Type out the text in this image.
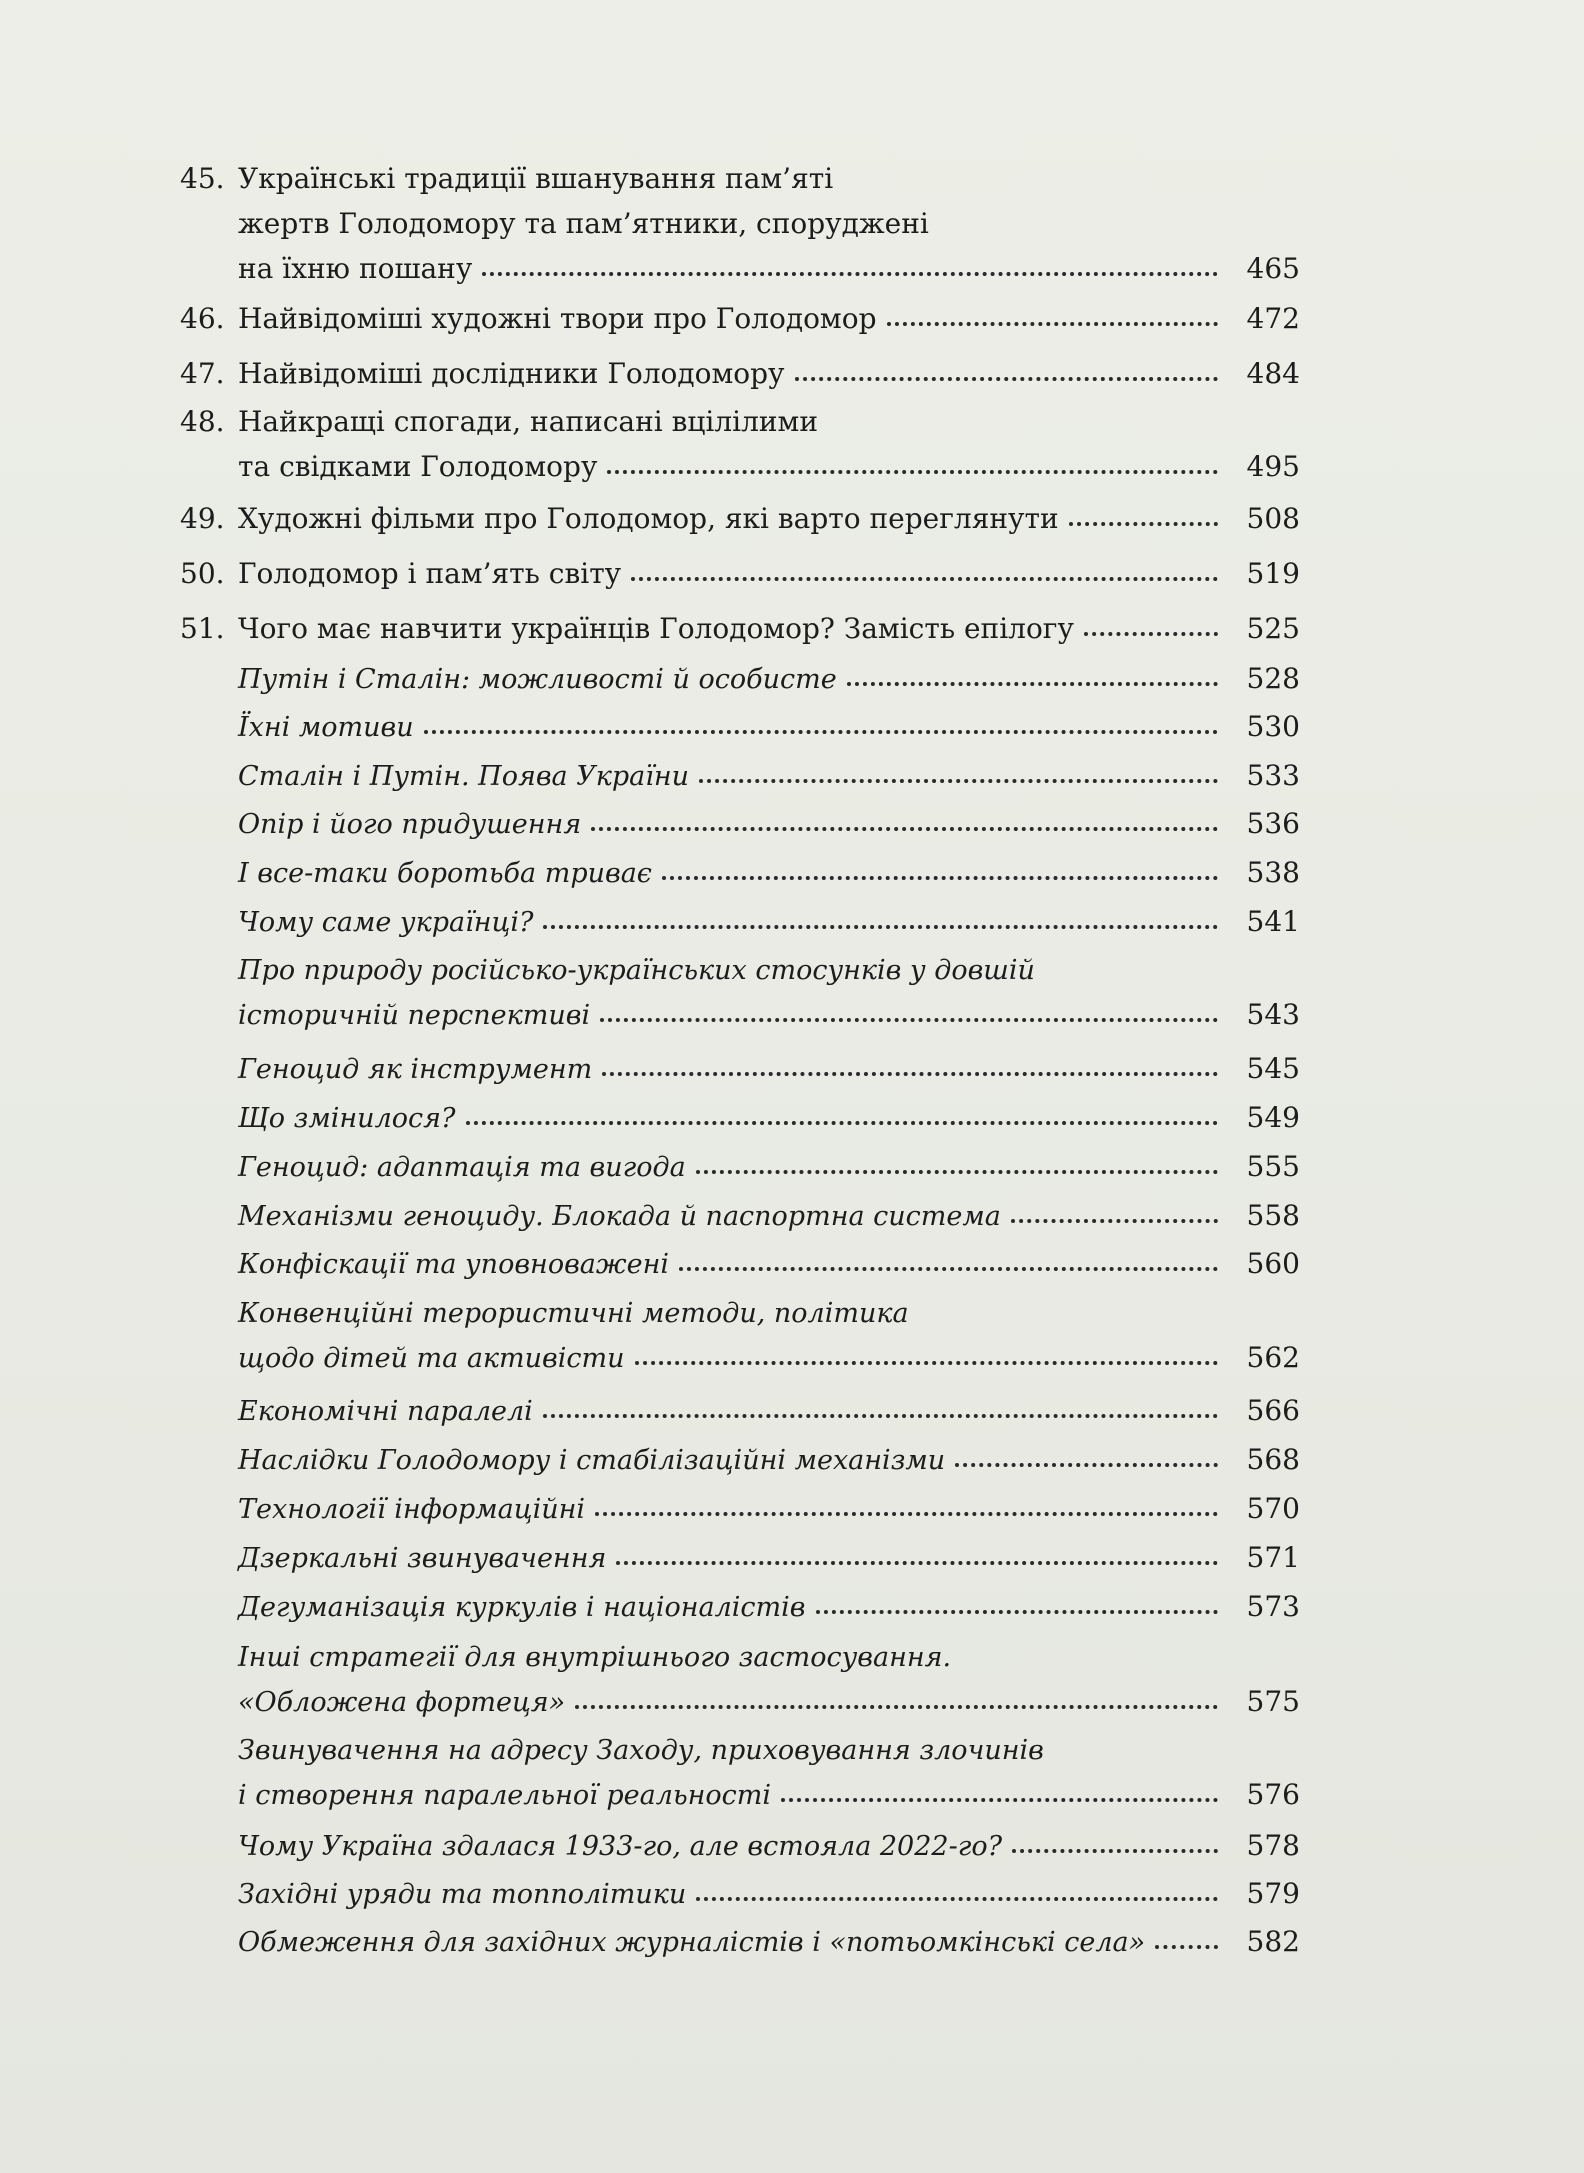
45. Українські традиції вшанування пам’яті
жертв Голодомору та пам’ятники, споруджені
на їхню пошану	465
46. Найвідоміші художні твори про Голодомор	472
47. Найвідоміші дослідники Голодомору	484
48. Найкращі спогади, написані вцілілими
та свідками Голодомору	495
49. Художні фільми про Голодомор, які варто переглянути	508
50. Голодомор і пам’ять світу	519
51. Чого має навчити українців Голодомор? Замість епілогу	525
Путін і Сталін: можливості й особисте	528
Їхні мотиви	530
Сталін і Путін. Поява України	533
Опір і його придушення	536
І все-таки боротьба триває	538
Чому саме українці?	541
Про природу російсько-українських стосунків у довшій
історичній перспективі	543
Геноцид як інструмент	545
Що змінилося?	549
Геноцид: адаптація та вигода	555
Механізми геноциду. Блокада й паспортна система	558
Конфіскації та уповноважені	560
Конвенційні терористичні методи, політика
щодо дітей та активісти	562
Економічні паралелі	566
Наслідки Голодомору і стабілізаційні механізми	568
Технології інформаційні	570
Дзеркальні звинувачення	571
Дегуманізація куркулів і націоналістів	573
Інші стратегії для внутрішнього застосування.
«Обложена фортеця»	575
Звинувачення на адресу Заходу, приховування злочинів
і створення паралельної реальності	576
Чому Україна здалася 1933-го, але встояла 2022-го?	578
Західні уряди та топполітики	579
Обмеження для західних журналістів і «потьомкінські села»	582
